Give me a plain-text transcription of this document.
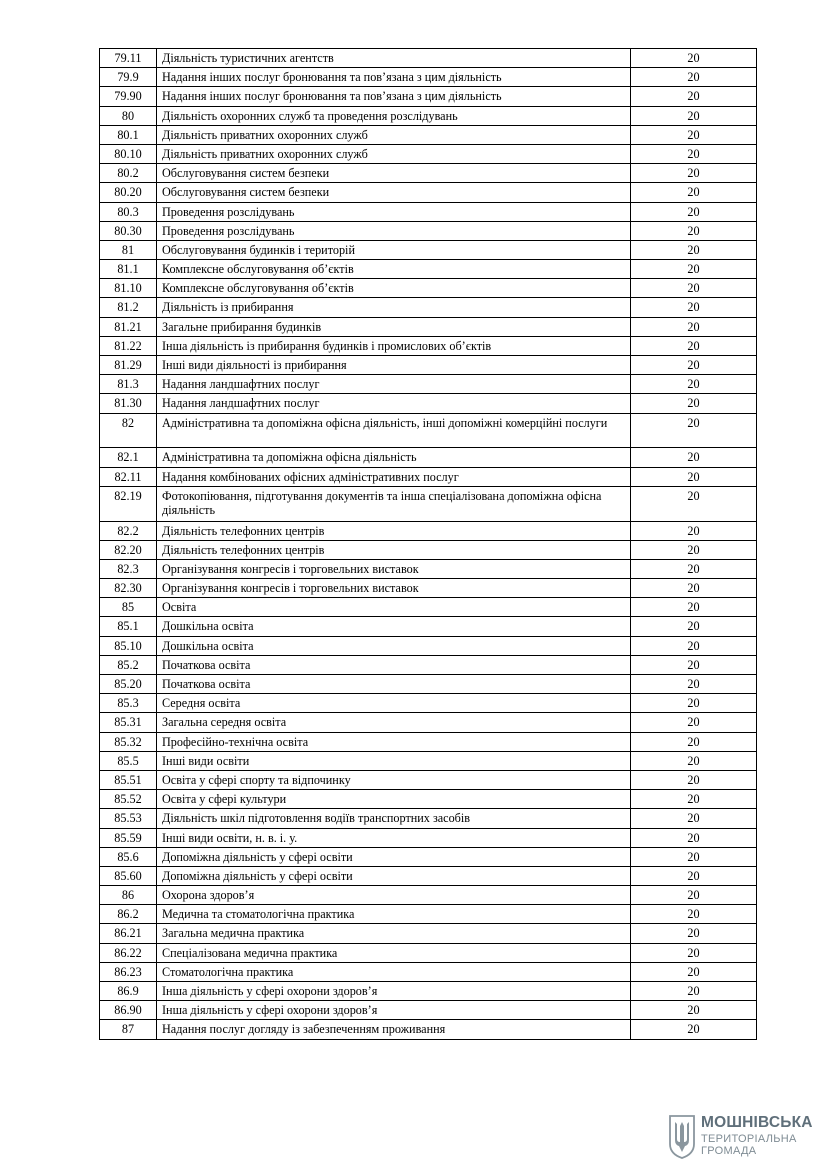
79.11	Діяльність туристичних агентств	20
79.9	Надання інших послуг бронювання та пов’язана з цим діяльність	20
79.90	Надання інших послуг бронювання та пов’язана з цим діяльність	20
80	Діяльність охоронних служб та проведення розслідувань	20
80.1	Діяльність приватних охоронних служб	20
80.10	Діяльність приватних охоронних служб	20
80.2	Обслуговування систем безпеки	20
80.20	Обслуговування систем безпеки	20
80.3	Проведення розслідувань	20
80.30	Проведення розслідувань	20
81	Обслуговування будинків і територій	20
81.1	Комплексне обслуговування об’єктів	20
81.10	Комплексне обслуговування об’єктів	20
81.2	Діяльність із прибирання	20
81.21	Загальне прибирання будинків	20
81.22	Інша діяльність із прибирання будинків і промислових об’єктів	20
81.29	Інші види діяльності із прибирання	20
81.3	Надання ландшафтних послуг	20
81.30	Надання ландшафтних послуг	20
82	Адміністративна та допоміжна офісна діяльність, інші допоміжні комерційні послуги	20
82.1	Адміністративна та допоміжна офісна діяльність	20
82.11	Надання комбінованих офісних адміністративних послуг	20
82.19	Фотокопіювання, підготування документів та інша спеціалізована допоміжна офісна діяльність	20
82.2	Діяльність телефонних центрів	20
82.20	Діяльність телефонних центрів	20
82.3	Організування конгресів і торговельних виставок	20
82.30	Організування конгресів і торговельних виставок	20
85	Освіта	20
85.1	Дошкільна освіта	20
85.10	Дошкільна освіта	20
85.2	Початкова освіта	20
85.20	Початкова освіта	20
85.3	Середня освіта	20
85.31	Загальна середня освіта	20
85.32	Професійно-технічна освіта	20
85.5	Інші види освіти	20
85.51	Освіта у сфері спорту та відпочинку	20
85.52	Освіта у сфері культури	20
85.53	Діяльність шкіл підготовлення водіїв транспортних засобів	20
85.59	Інші види освіти, н. в. і. у.	20
85.6	Допоміжна діяльність у сфері освіти	20
85.60	Допоміжна діяльність у сфері освіти	20
86	Охорона здоров’я	20
86.2	Медична та стоматологічна практика	20
86.21	Загальна медична практика	20
86.22	Спеціалізована медична практика	20
86.23	Стоматологічна практика	20
86.9	Інша діяльність у сфері охорони здоров’я	20
86.90	Інша діяльність у сфері охорони здоров’я	20
87	Надання послуг догляду із забезпеченням проживання	20
МОШНІВСЬКА
ТЕРИТОРІАЛЬНА
ГРОМАДА
